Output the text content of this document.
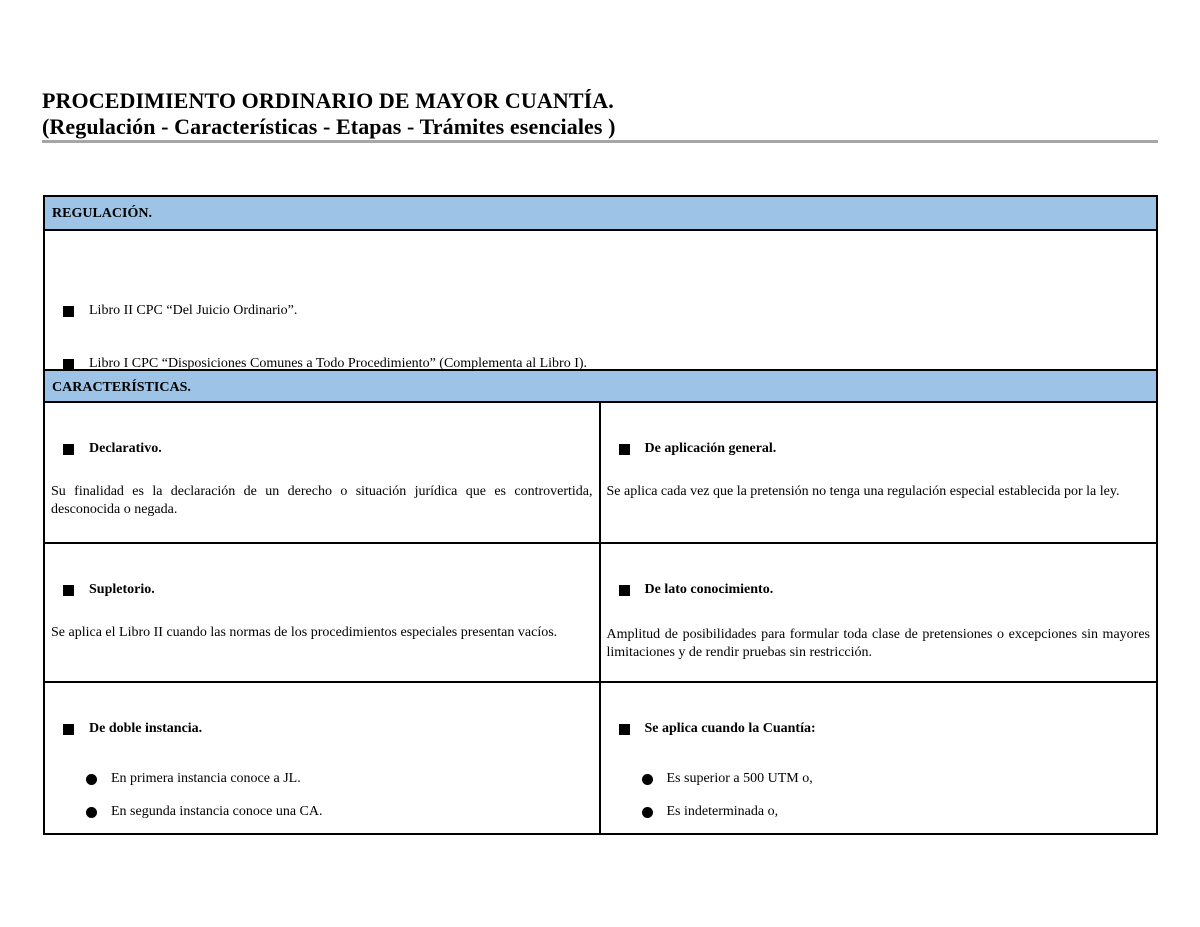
PROCEDIMIENTO ORDINARIO DE MAYOR CUANTÍA.
(Regulación - Características - Etapas - Trámites esenciales )
REGULACIÓN.
Libro II CPC “Del Juicio Ordinario”.
Libro I CPC “Disposiciones Comunes a Todo Procedimiento” (Complementa al Libro I).
CARACTERÍSTICAS.
Declarativo.
Su finalidad es la declaración de un derecho o situación jurídica que es controvertida, desconocida o negada.
De aplicación general.
Se aplica cada vez que la pretensión no tenga una regulación especial establecida por la ley.
Supletorio.
Se aplica el Libro II cuando las normas de los procedimientos especiales presentan vacíos.
De lato conocimiento.
Amplitud de posibilidades para formular toda clase de pretensiones o excepciones sin mayores limitaciones y de rendir pruebas sin restricción.
De doble instancia.
En primera instancia conoce a JL.
En segunda instancia conoce una CA.
Se aplica cuando la Cuantía:
Es superior a 500 UTM o,
Es indeterminada o,
